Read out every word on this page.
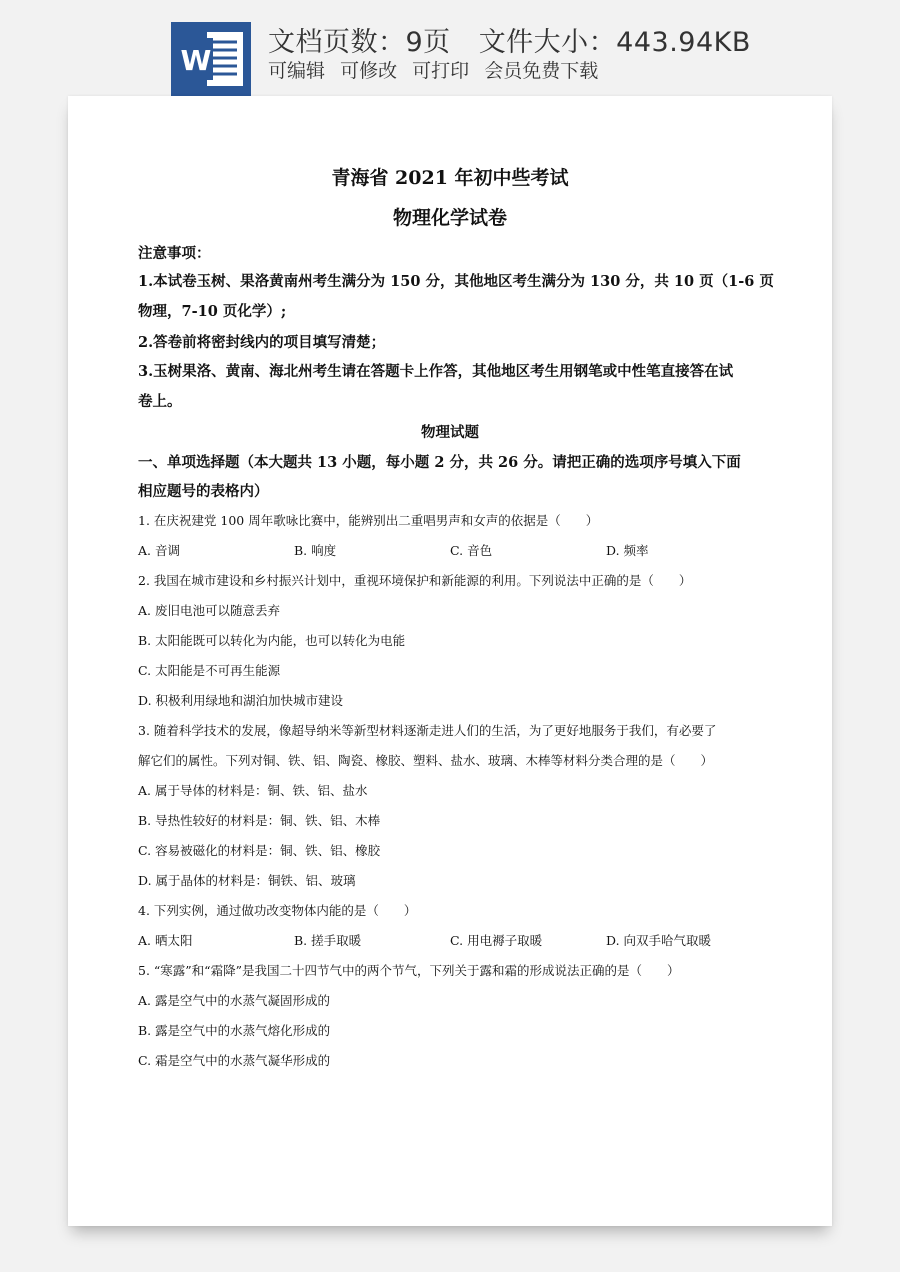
W
文档页数：9页 文件大小：443.94KB
可编辑 可修改 可打印 会员免费下载
青海省 2021 年初中些考试
物理化学试卷
注意事项：
1.本试卷玉树、果洛黄南州考生满分为 150 分，其他地区考生满分为 130 分，共 10 页（1-6 页
物理，7-10 页化学）;
2.答卷前将密封线内的项目填写清楚；
3.玉树果洛、黄南、海北州考生请在答题卡上作答，其他地区考生用钢笔或中性笔直接答在试
卷上。
物理试题
一、单项选择题（本大题共 13 小题，每小题 2 分，共 26 分。请把正确的选项序号填入下面
相应题号的表格内）
1. 在庆祝建党 100 周年歌咏比赛中，能辨别出二重唱男声和女声的依据是（　　）
A. 音调	B. 响度	C. 音色	D. 频率
2. 我国在城市建设和乡村振兴计划中，重视环境保护和新能源的利用。下列说法中正确的是（　　）
A. 废旧电池可以随意丢弃
B. 太阳能既可以转化为内能，也可以转化为电能
C. 太阳能是不可再生能源
D. 积极利用绿地和湖泊加快城市建设
3. 随着科学技术的发展，像超导纳米等新型材料逐渐走进人们的生活，为了更好地服务于我们，有必要了
解它们的属性。下列对铜、铁、铝、陶瓷、橡胶、塑料、盐水、玻璃、木棒等材料分类合理的是（　　）
A. 属于导体的材料是：铜、铁、铝、盐水
B. 导热性较好的材料是：铜、铁、铝、木棒
C. 容易被磁化的材料是：铜、铁、铝、橡胶
D. 属于晶体的材料是：铜铁、铝、玻璃
4. 下列实例，通过做功改变物体内能的是（　　）
A. 晒太阳	B. 搓手取暖	C. 用电褥子取暖	D. 向双手哈气取暖
5. “寒露”和“霜降”是我国二十四节气中的两个节气，下列关于露和霜的形成说法正确的是（　　）
A. 露是空气中的水蒸气凝固形成的
B. 露是空气中的水蒸气熔化形成的
C. 霜是空气中的水蒸气凝华形成的
